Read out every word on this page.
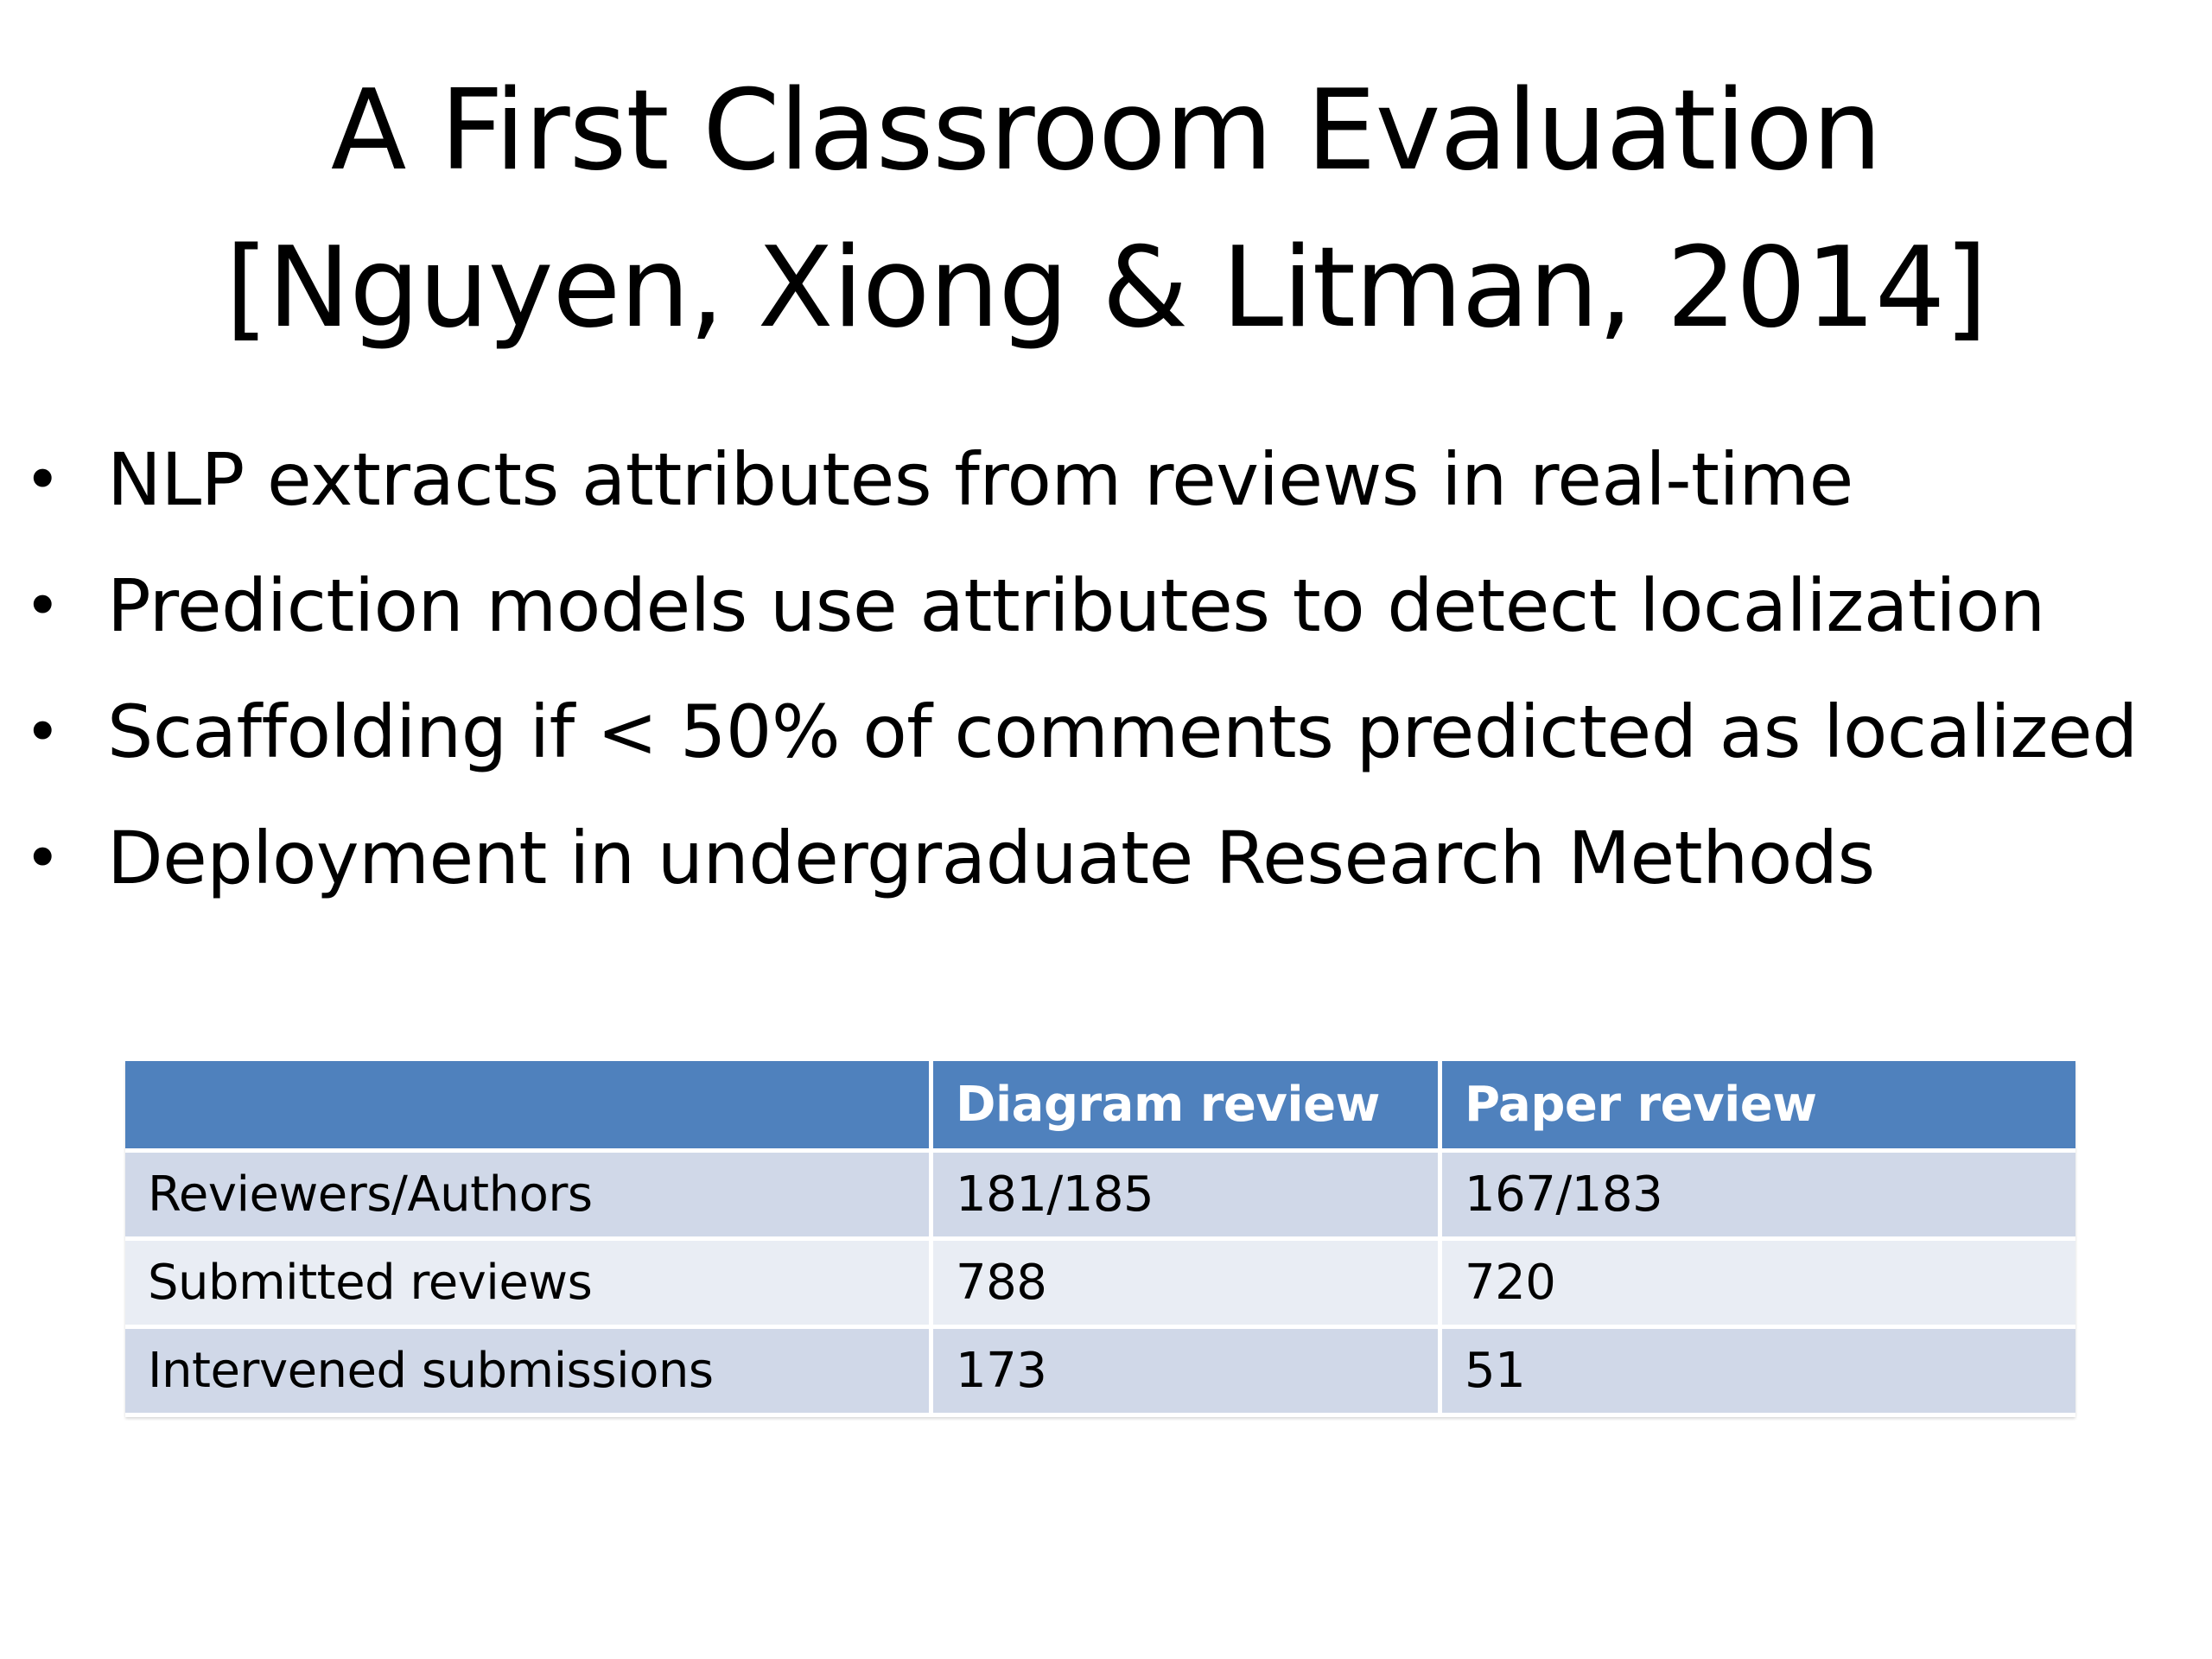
A First Classroom Evaluation
[Nguyen, Xiong & Litman, 2014]
• NLP extracts attributes from reviews in real-time
• Prediction models use attributes to detect localization
• Scaffolding if < 50% of comments predicted as localized
• Deployment in undergraduate Research Methods
	Diagram review	Paper review
Reviewers/Authors	181/185	167/183
Submitted reviews	788	720
Intervened submissions	173	51
